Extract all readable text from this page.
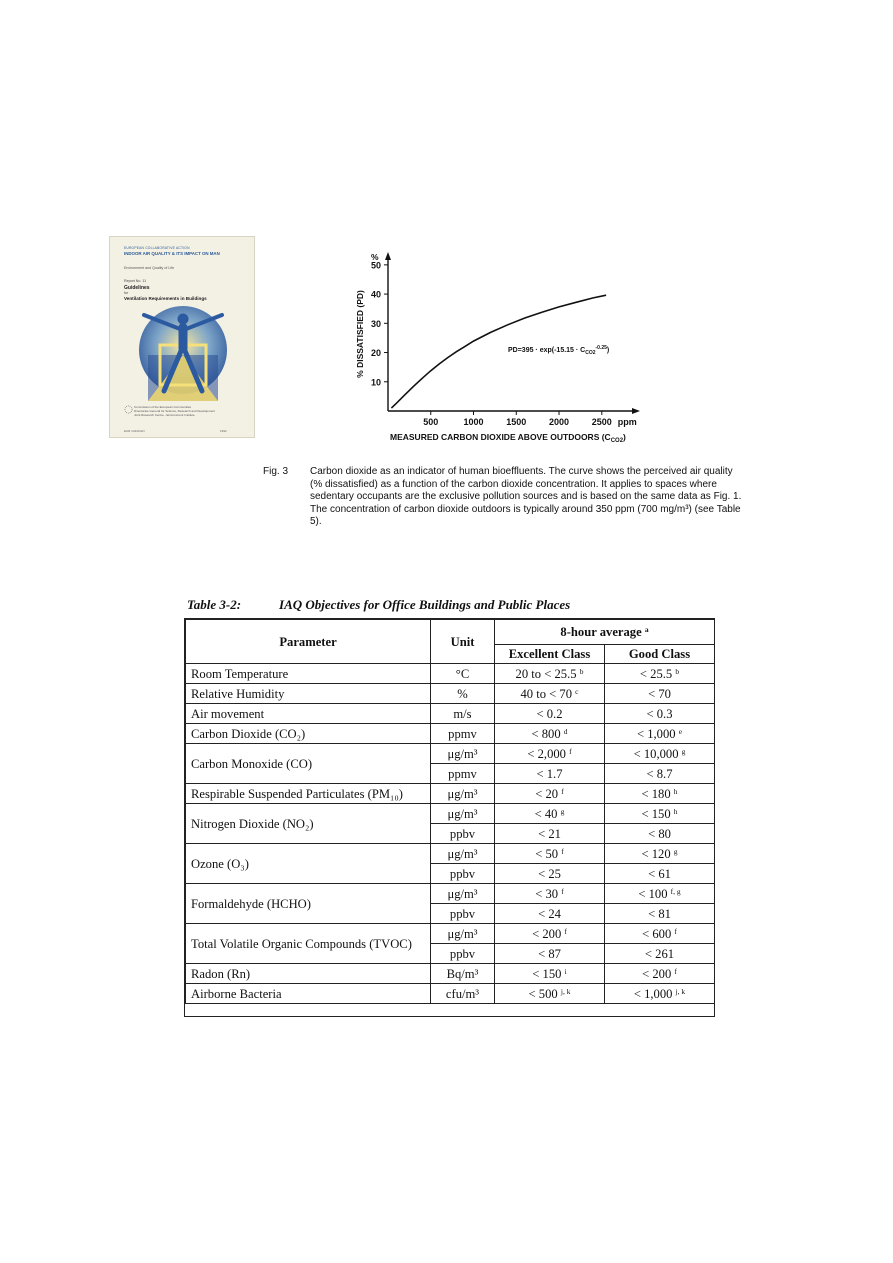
EUROPEAN COLLABORATIVE ACTION
INDOOR AIR QUALITY & ITS IMPACT ON MAN
Environment and Quality of Life
Report No. 11
Guidelines
for
Ventilation Requirements in Buildings
Commission of the European Communities
Directorate General for Science, Research and Development
Joint Research Centre - Environment Institute
EUR 14449 EN	1992
10
20
30
40
50
%
500	1000	1500	2000	2500 ppm
% DISSATISFIED (PD)
MEASURED CARBON DIOXIDE ABOVE OUTDOORS $(C_{CO2})$
$PD=395 \cdot \exp(-15.15 \cdot C_{CO2}^{-0.25})$
Fig. 3 Carbon dioxide as an indicator of human bioeffluents. The curve shows the perceived air quality (% dissatisfied) as a function of the carbon dioxide concentration. It applies to spaces where sedentary occupants are the exclusive pollution sources and is based on the same data as Fig. 1. The concentration of carbon dioxide outdoors is typically around 350 ppm (700 mg/m³) (see Table 5).
Table 3-2:	IAQ Objectives for Office Buildings and Public Places
Parameter	Unit	8-hour average $^a$
		Excellent Class	Good Class
Room Temperature	°C	20 to < 25.5 $^b$	< 25.5 $^b$
Relative Humidity	%	40 to < 70 $^c$	< 70
Air movement	m/s	< 0.2	< 0.3
Carbon Dioxide (CO₂)	ppmv	< 800 $^d$	< 1,000 $^e$
Carbon Monoxide (CO)	μg/m³	< 2,000 $^f$	< 10,000 $^g$
	ppmv	< 1.7	< 8.7
Respirable Suspended Particulates (PM₁₀)	μg/m³	< 20 $^f$	< 180 $^h$
Nitrogen Dioxide (NO₂)	μg/m³	< 40 $^g$	< 150 $^h$
	ppbv	< 21	< 80
Ozone (O₃)	μg/m³	< 50 $^f$	< 120 $^g$
	ppbv	< 25	< 61
Formaldehyde (HCHO)	μg/m³	< 30 $^f$	< 100 $^{f, g}$
	ppbv	< 24	< 81
Total Volatile Organic Compounds (TVOC)	μg/m³	< 200 $^f$	< 600 $^f$
	ppbv	< 87	< 261
Radon (Rn)	Bq/m³	< 150 $^i$	< 200 $^f$
Airborne Bacteria	cfu/m³	< 500 $^{j, k}$	< 1,000 $^{j, k}$
